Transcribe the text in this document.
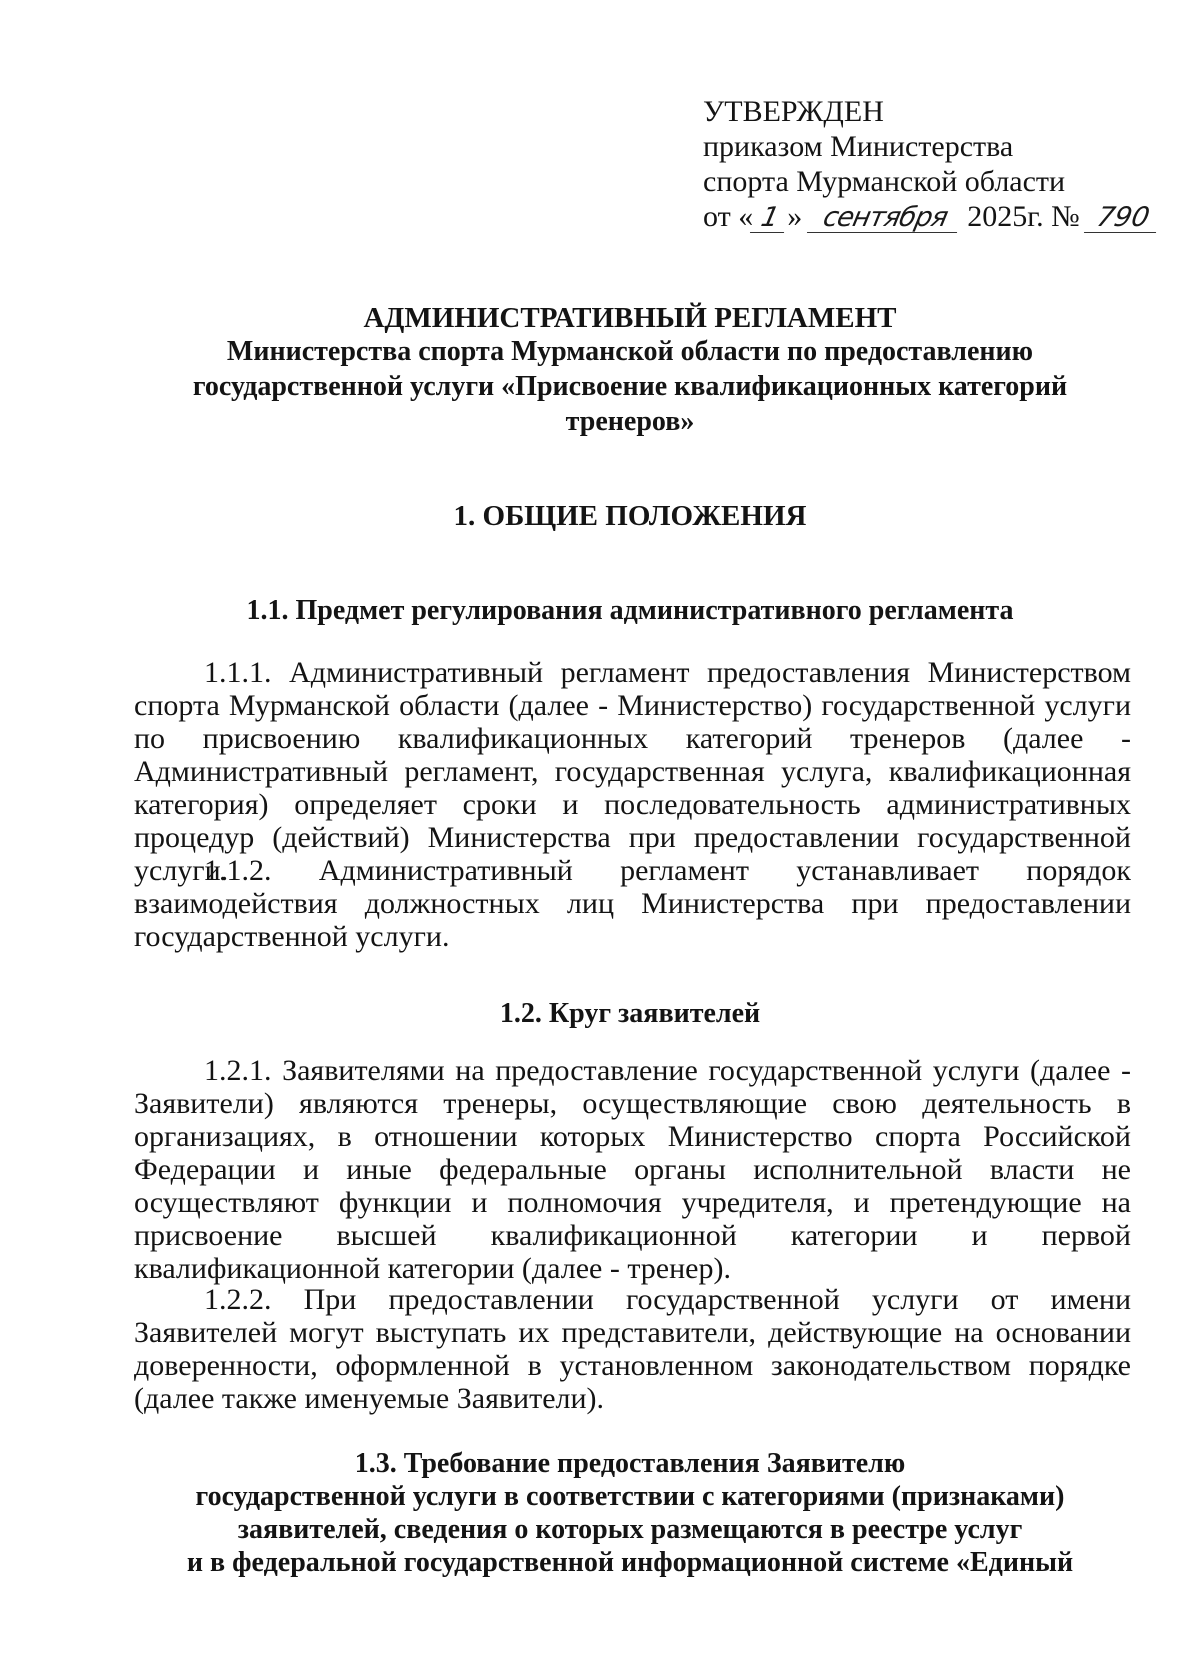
УТВЕРЖДЕН
приказом Министерства
спорта Мурманской области
от « 1 » сентября 2025г. № 790
АДМИНИСТРАТИВНЫЙ РЕГЛАМЕНТ
Министерства спорта Мурманской области по предоставлению государственной услуги «Присвоение квалификационных категорий тренеров»
1. ОБЩИЕ ПОЛОЖЕНИЯ
1.1. Предмет регулирования административного регламента

1.1.1. Административный регламент предоставления Министерством спорта Мурманской области (далее - Министерство) государственной услуги по присвоению квалификационных категорий тренеров (далее - Административный регламент, государственная услуга, квалификационная категория) определяет сроки и последовательность административных процедур (действий) Министерства при предоставлении государственной услуги.

1.1.2. Административный регламент устанавливает порядок взаимодействия должностных лиц Министерства при предоставлении государственной услуги.

1.2. Круг заявителей

1.2.1. Заявителями на предоставление государственной услуги (далее - Заявители) являются тренеры, осуществляющие свою деятельность в организациях, в отношении которых Министерство спорта Российской Федерации и иные федеральные органы исполнительной власти не осуществляют функции и полномочия учредителя, и претендующие на присвоение высшей квалификационной категории и первой квалификационной категории (далее - тренер).

1.2.2. При предоставлении государственной услуги от имени Заявителей могут выступать их представители, действующие на основании доверенности, оформленной в установленном законодательством порядке (далее также именуемые Заявители).

1.3. Требование предоставления Заявителю
государственной услуги в соответствии с категориями (признаками)
заявителей, сведения о которых размещаются в реестре услуг
и в федеральной государственной информационной системе «Единый
